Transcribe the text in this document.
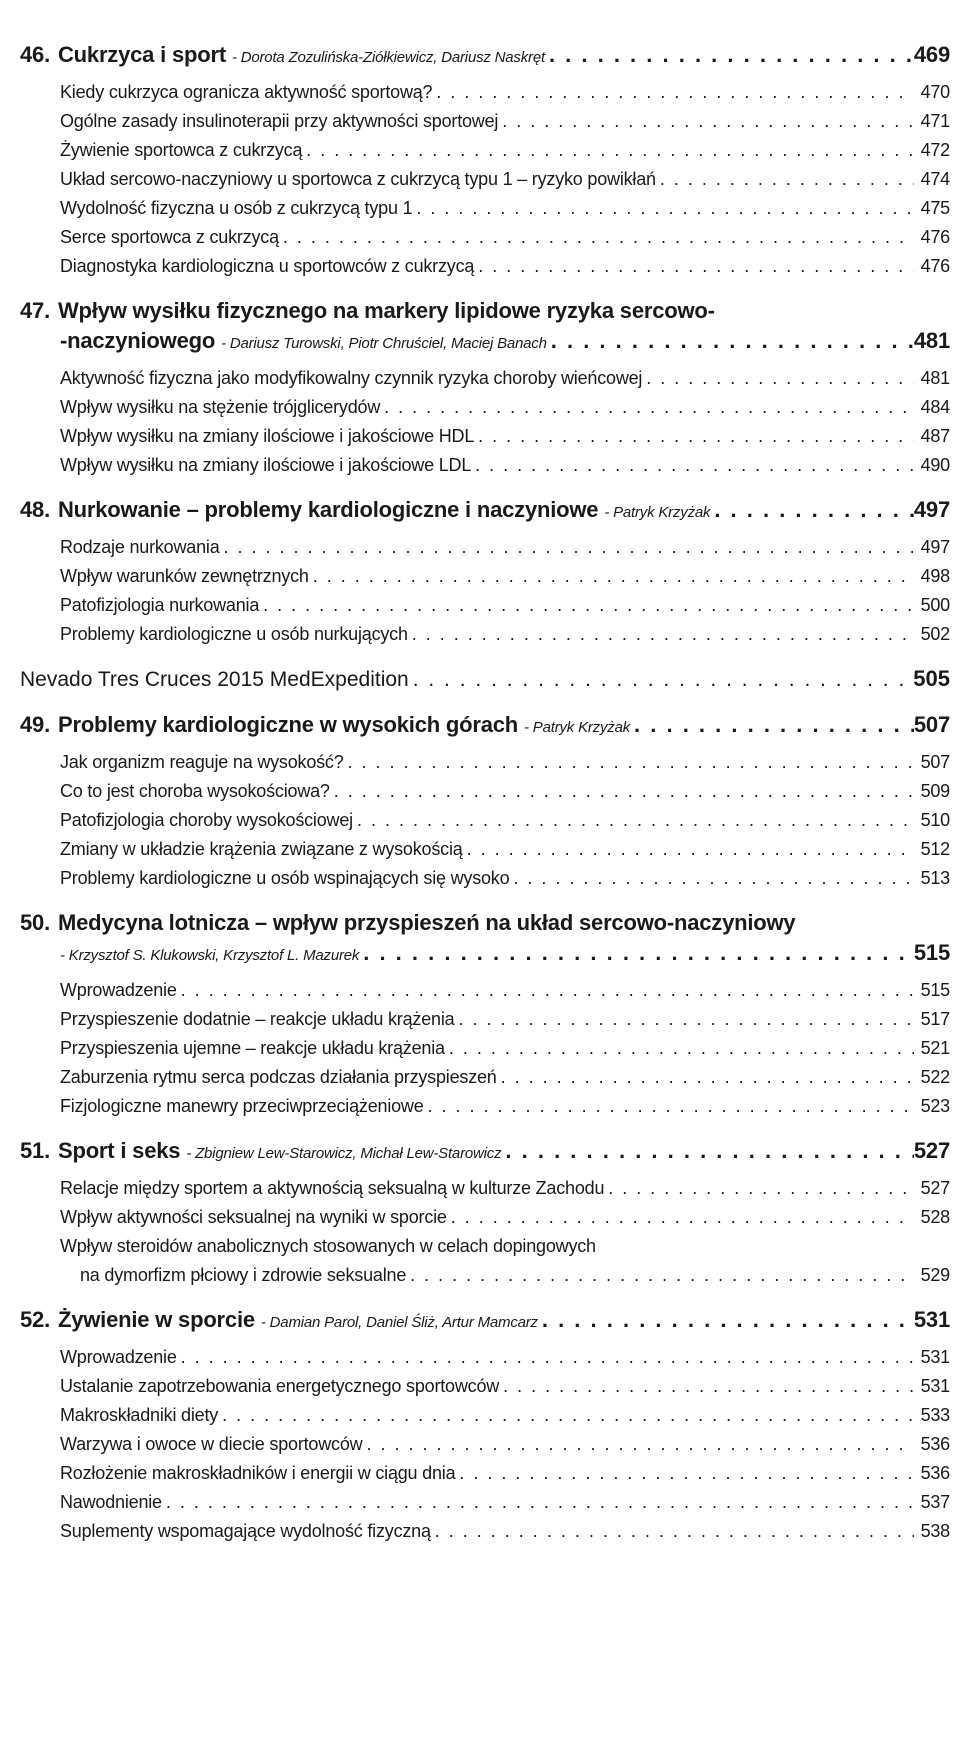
46. Cukrzyca i sport - Dorota Zozulińska-Ziółkiewicz, Dariusz Naskręt . . .	469
Kiedy cukrzyca ogranicza aktywność sportową? . . .	470
Ogólne zasady insulinoterapii przy aktywności sportowej . . .	471
Żywienie sportowca z cukrzycą . . .	472
Układ sercowo-naczyniowy u sportowca z cukrzycą typu 1 – ryzyko powikłań . . .	474
Wydolność fizyczna u osób z cukrzycą typu 1 . . .	475
Serce sportowca z cukrzycą . . .	476
Diagnostyka kardiologiczna u sportowców z cukrzycą . . .	476
47. Wpływ wysiłku fizycznego na markery lipidowe ryzyka sercowo-
-naczyniowego - Dariusz Turowski, Piotr Chruściel, Maciej Banach . . .	481
Aktywność fizyczna jako modyfikowalny czynnik ryzyka choroby wieńcowej . . .	481
Wpływ wysiłku na stężenie trójglicerydów . . .	484
Wpływ wysiłku na zmiany ilościowe i jakościowe HDL . . .	487
Wpływ wysiłku na zmiany ilościowe i jakościowe LDL . . .	490
48. Nurkowanie – problemy kardiologiczne i naczyniowe - Patryk Krzyżak . . .	497
Rodzaje nurkowania . . .	497
Wpływ warunków zewnętrznych . . .	498
Patofizjologia nurkowania . . .	500
Problemy kardiologiczne u osób nurkujących . . .	502
Nevado Tres Cruces 2015 MedExpedition . . .	505
49. Problemy kardiologiczne w wysokich górach - Patryk Krzyżak . . .	507
Jak organizm reaguje na wysokość? . . .	507
Co to jest choroba wysokościowa? . . .	509
Patofizjologia choroby wysokościowej . . .	510
Zmiany w układzie krążenia związane z wysokością . . .	512
Problemy kardiologiczne u osób wspinających się wysoko . . .	513
50. Medycyna lotnicza – wpływ przyspieszeń na układ sercowo-naczyniowy
- Krzysztof S. Klukowski, Krzysztof L. Mazurek . . .	515
Wprowadzenie . . .	515
Przyspieszenie dodatnie – reakcje układu krążenia . . .	517
Przyspieszenia ujemne – reakcje układu krążenia . . .	521
Zaburzenia rytmu serca podczas działania przyspieszeń . . .	522
Fizjologiczne manewry przeciwprzeciążeniowe . . .	523
51. Sport i seks - Zbigniew Lew-Starowicz, Michał Lew-Starowicz . . .	527
Relacje między sportem a aktywnością seksualną w kulturze Zachodu . . .	527
Wpływ aktywności seksualnej na wyniki w sporcie . . .	528
Wpływ steroidów anabolicznych stosowanych w celach dopingowych
na dymorfizm płciowy i zdrowie seksualne . . .	529
52. Żywienie w sporcie - Damian Parol, Daniel Śliż, Artur Mamcarz . . .	531
Wprowadzenie . . .	531
Ustalanie zapotrzebowania energetycznego sportowców . . .	531
Makroskładniki diety . . .	533
Warzywa i owoce w diecie sportowców . . .	536
Rozłożenie makroskładników i energii w ciągu dnia . . .	536
Nawodnienie . . .	537
Suplementy wspomagające wydolność fizyczną . . .	538
